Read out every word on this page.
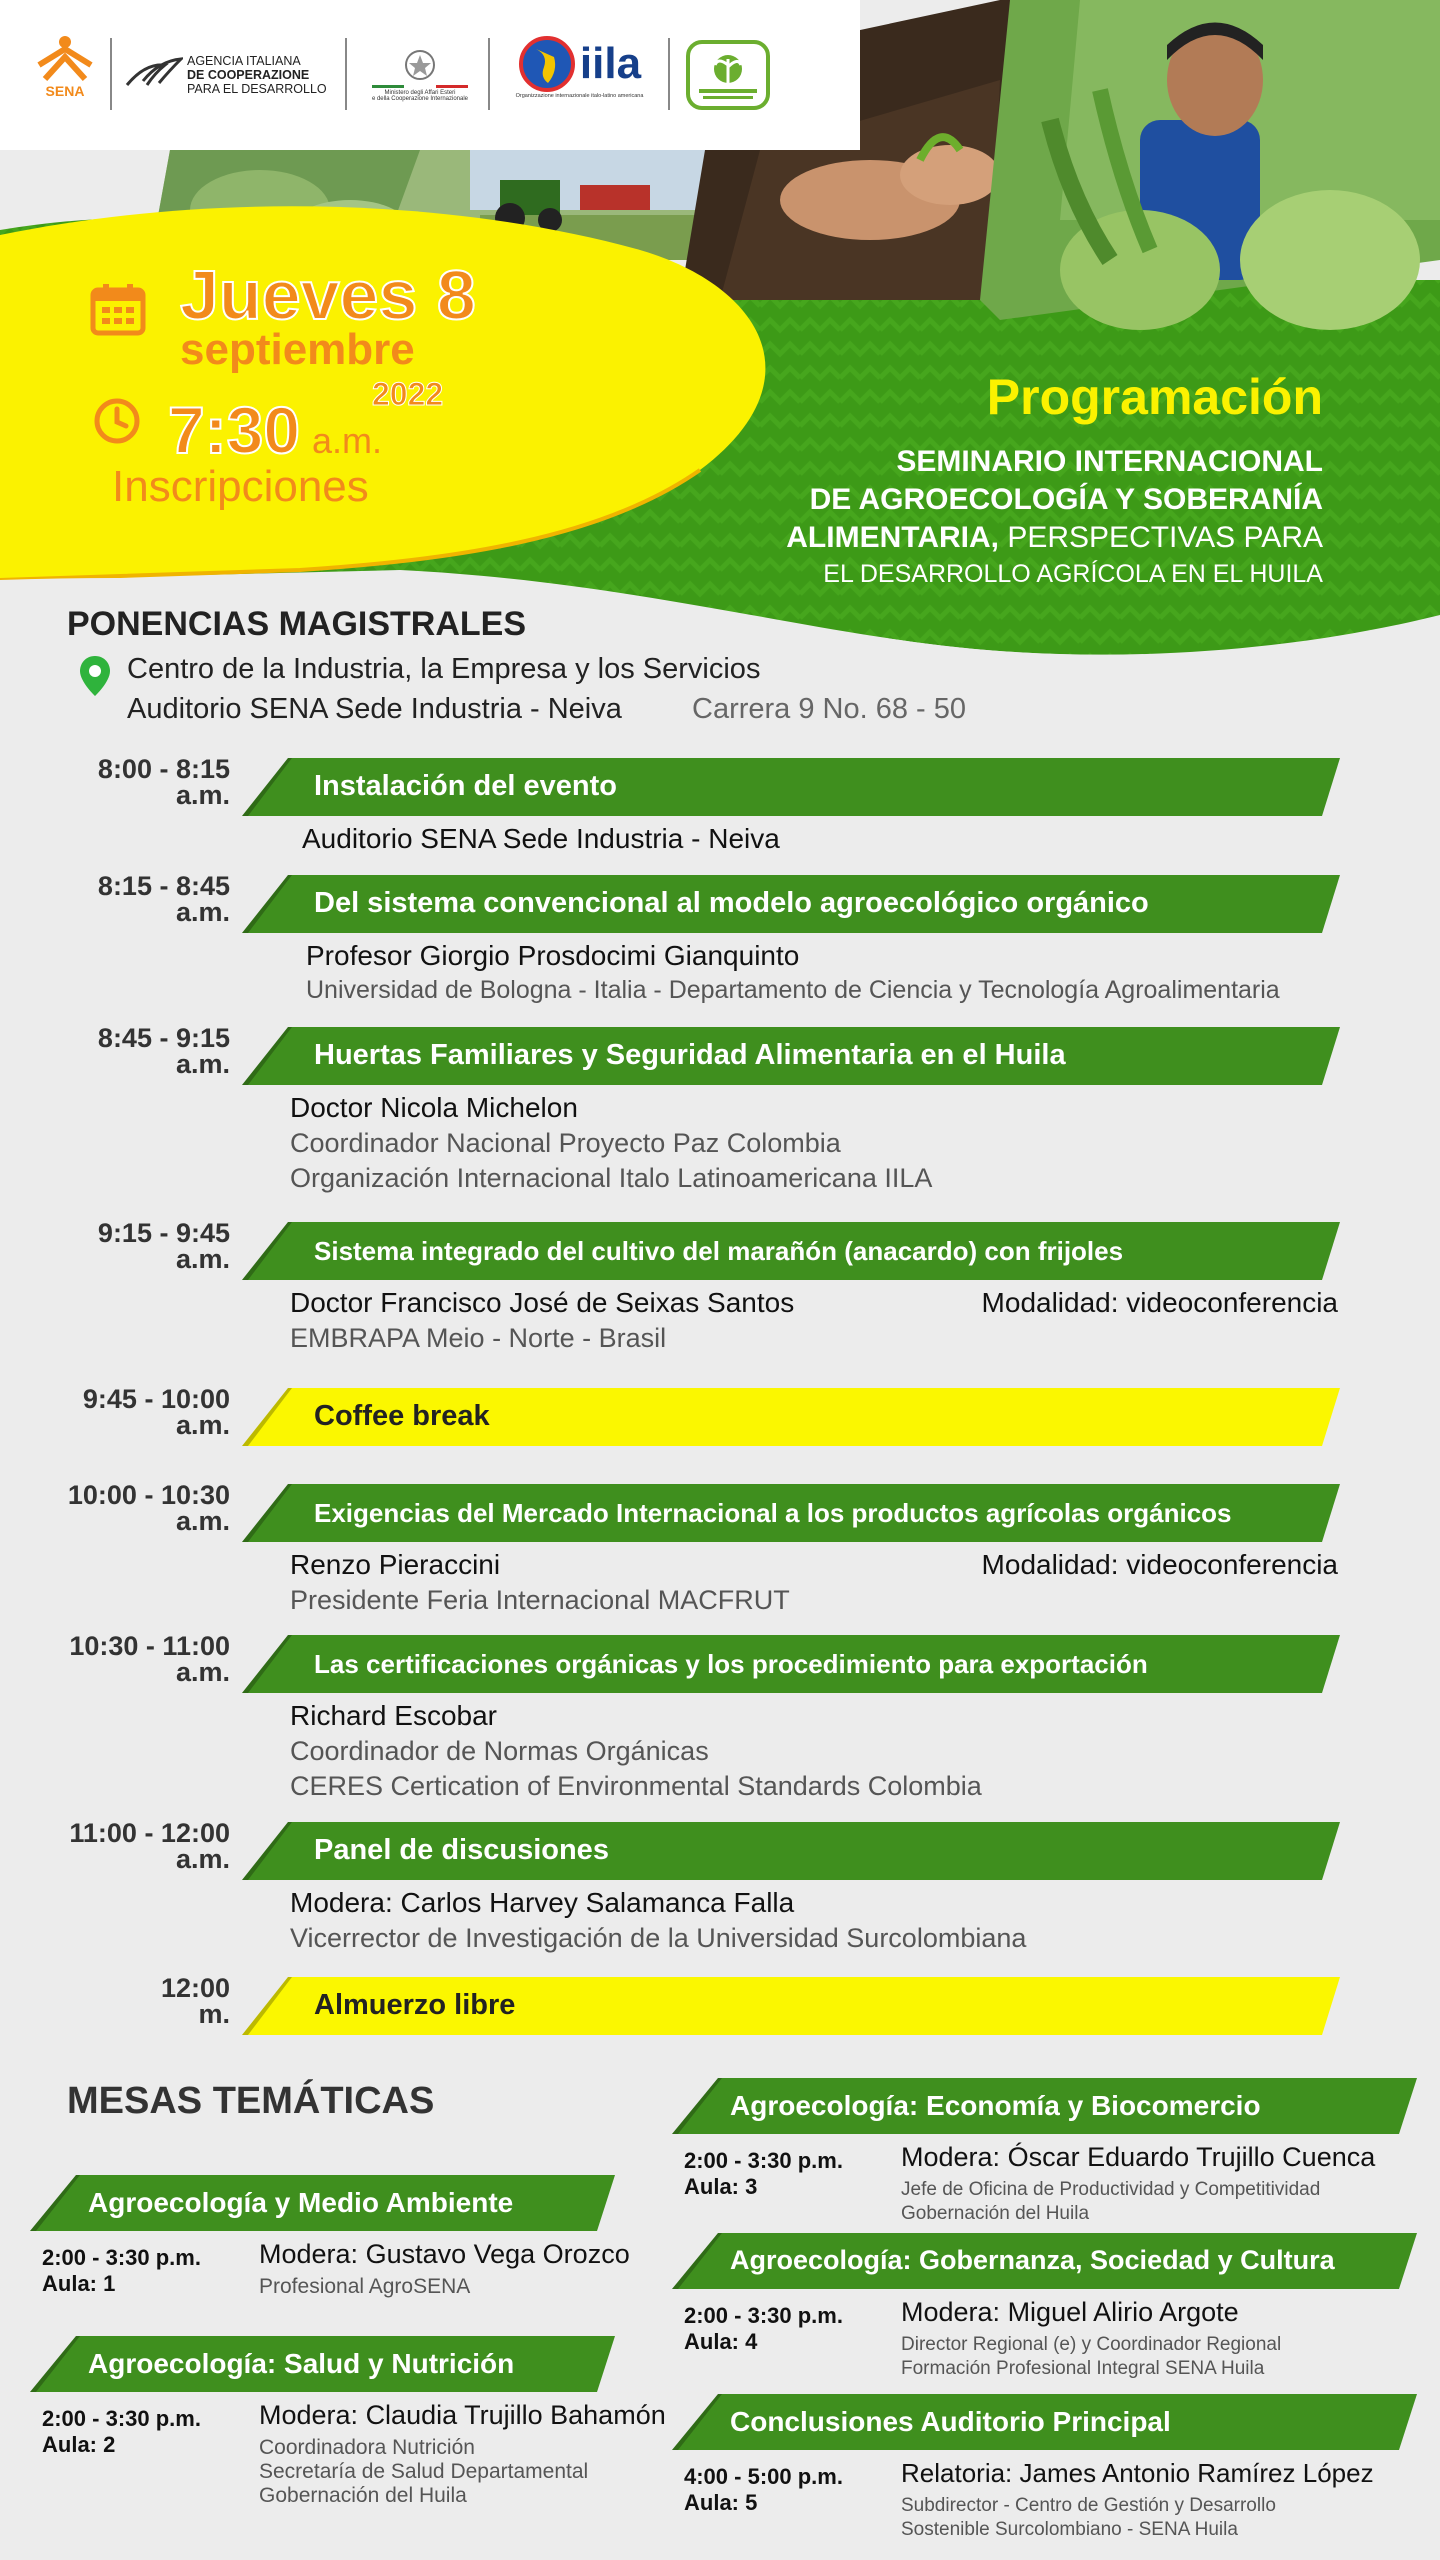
SENA
AGENCIA ITALIANA
DE COOPERAZIONE
PARA EL DESARROLLO	Ministero degli Affari Esteri
e della Cooperazione Internazionale
iila
Organizzazione internazionale italo-latino americana
Jueves 8
septiembre
2022
7:30 a.m.
Inscripciones
Programación
SEMINARIO INTERNACIONAL
DE AGROECOLOGÍA Y SOBERANÍA
ALIMENTARIA, PERSPECTIVAS PARA
EL DESARROLLO AGRÍCOLA EN EL HUILA
PONENCIAS MAGISTRALES
Centro de la Industria, la Empresa y los Servicios
Auditorio SENA Sede Industria - Neiva Carrera 9 No. 68 - 50
8:00 - 8:15
a.m.	Instalación del evento
Auditorio SENA Sede Industria - Neiva
8:15 - 8:45
a.m.	Del sistema convencional al modelo agroecológico orgánico
Profesor Giorgio Prosdocimi Gianquinto
Universidad de Bologna - Italia - Departamento de Ciencia y Tecnología Agroalimentaria
8:45 - 9:15
a.m.	Huertas Familiares y Seguridad Alimentaria en el Huila
Doctor Nicola Michelon
Coordinador Nacional Proyecto Paz Colombia
Organización Internacional Italo Latinoamericana IILA
9:15 - 9:45
a.m.	Sistema integrado del cultivo del marañón (anacardo) con frijoles
Doctor Francisco José de Seixas Santos	Modalidad: videoconferencia
EMBRAPA Meio - Norte - Brasil
9:45 - 10:00
a.m.	Coffee break
10:00 - 10:30
a.m.	Exigencias del Mercado Internacional a los productos agrícolas orgánicos
Renzo Pieraccini	Modalidad: videoconferencia
Presidente Feria Internacional MACFRUT
10:30 - 11:00
a.m.	Las certificaciones orgánicas y los procedimiento para exportación
Richard Escobar
Coordinador de Normas Orgánicas
CERES Certication of Environmental Standards Colombia
11:00 - 12:00
a.m.	Panel de discusiones
Modera: Carlos Harvey Salamanca Falla
Vicerrector de Investigación de la Universidad Surcolombiana
12:00
m.	Almuerzo libre
MESAS TEMÁTICAS
Agroecología y Medio Ambiente
2:00 - 3:30 p.m.
Aula: 1
Modera: Gustavo Vega Orozco
Profesional AgroSENA
Agroecología: Salud y Nutrición
2:00 - 3:30 p.m.
Aula: 2
Modera: Claudia Trujillo Bahamón
Coordinadora Nutrición
Secretaría de Salud Departamental
Gobernación del Huila
Agroecología: Economía y Biocomercio
2:00 - 3:30 p.m.
Aula: 3
Modera: Óscar Eduardo Trujillo Cuenca
Jefe de Oficina de Productividad y Competitividad
Gobernación del Huila
Agroecología: Gobernanza, Sociedad y Cultura
2:00 - 3:30 p.m.
Aula: 4
Modera: Miguel Alirio Argote
Director Regional (e) y Coordinador Regional
Formación Profesional Integral SENA Huila
Conclusiones Auditorio Principal
4:00 - 5:00 p.m.
Aula: 5
Relatoria: James Antonio Ramírez López
Subdirector - Centro de Gestión y Desarrollo
Sostenible Surcolombiano - SENA Huila
